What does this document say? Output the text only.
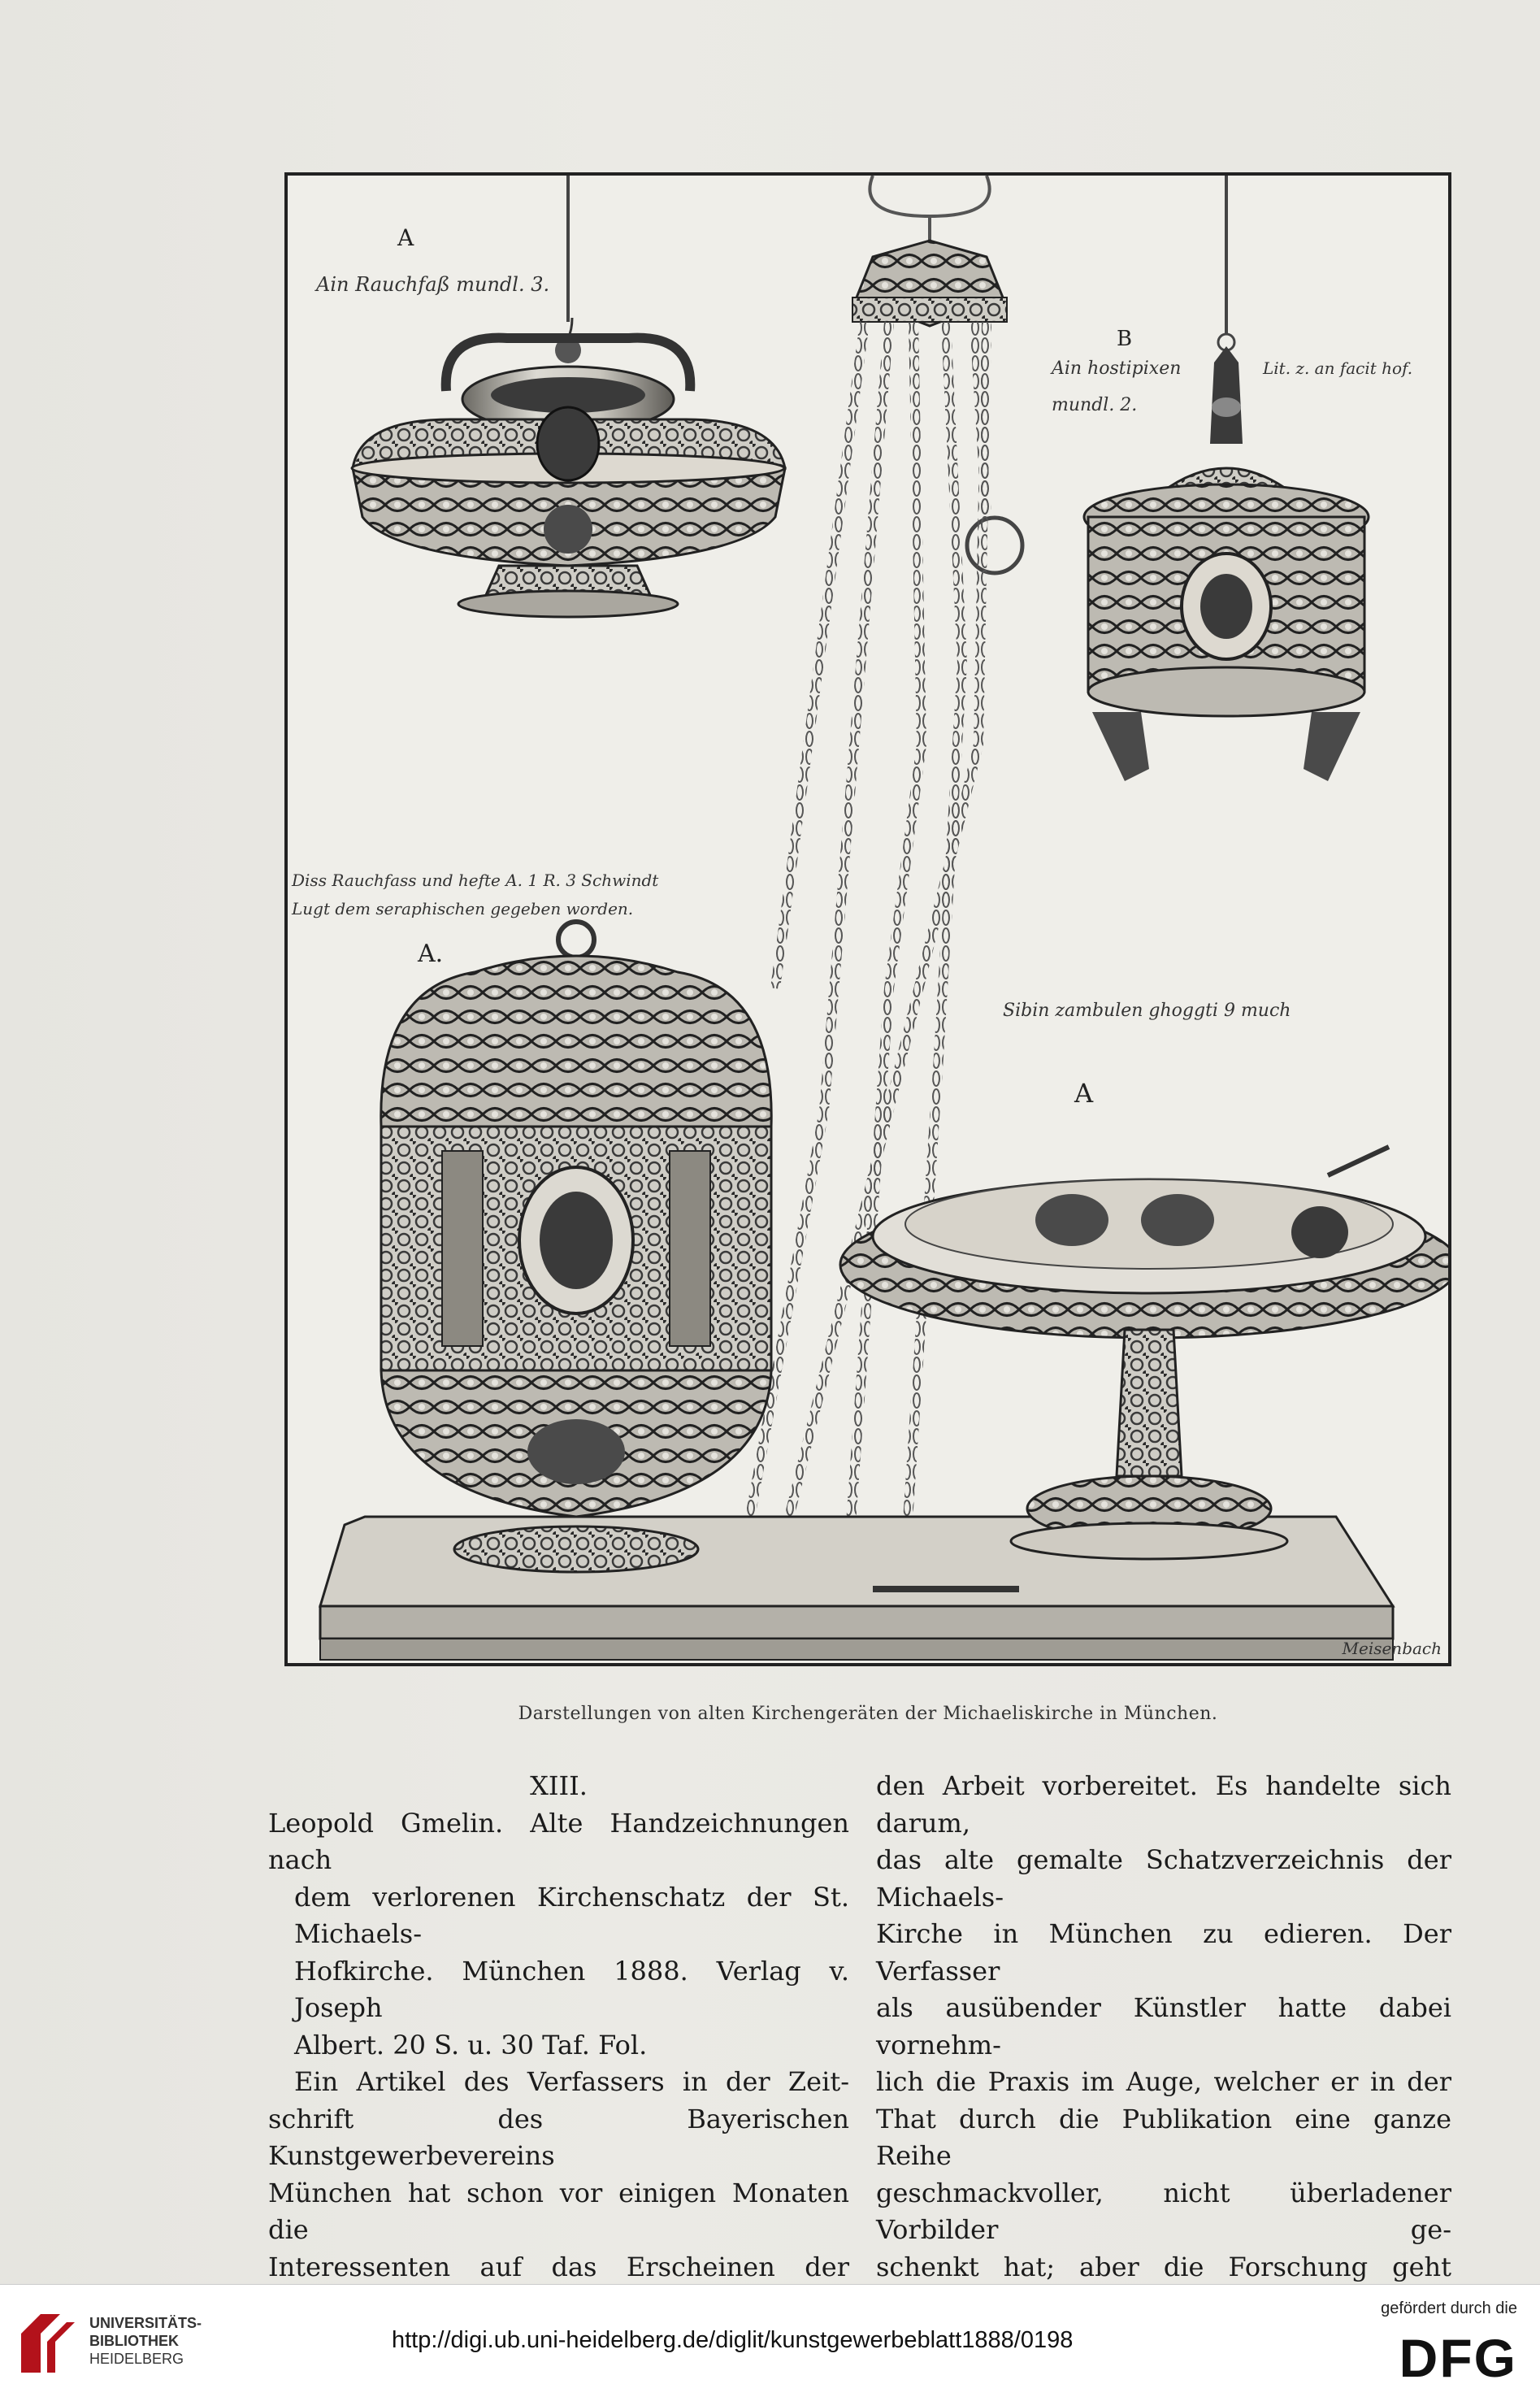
A
B
A.
A
Ain Rauchfaß mundl. 3.
Ain hostipixen
mundl. 2.
Lit. z. an facit hof.
Diss Rauchfass und hefte A. 1 R. 3 Schwindt
Lugt dem seraphischen gegeben worden.
Sibin zambulen ghoggti 9 much
Meisenbach
Darstellungen von alten Kirchengeräten der Michaeliskirche in München.
XIII.
Leopold Gmelin. Alte Handzeichnungen nach
dem verlorenen Kirchenschatz der St. Michaels-
Hofkirche. München 1888. Verlag v. Joseph
Albert. 20 S. u. 30 Taf. Fol.
Ein Artikel des Verfassers in der Zeit-
schrift des Bayerischen Kunstgewerbevereins
München hat schon vor einigen Monaten die
Interessenten auf das Erscheinen der
den Arbeit vorbereitet. Es handelte sich darum,
das alte gemalte Schatzverzeichnis der Michaels-
Kirche in München zu edieren. Der Verfasser
als ausübender Künstler hatte dabei vornehm-
lich die Praxis im Auge, welcher er in der
That durch die Publikation eine ganze Reihe
geschmackvoller, nicht überladener Vorbilder ge-
schenkt hat; aber die Forschung geht
UNIVERSITÄTS-
BIBLIOTHEK
HEIDELBERG
http://digi.ub.uni-heidelberg.de/diglit/kunstgewerbeblatt1888/0198
gefördert durch die
DFG
